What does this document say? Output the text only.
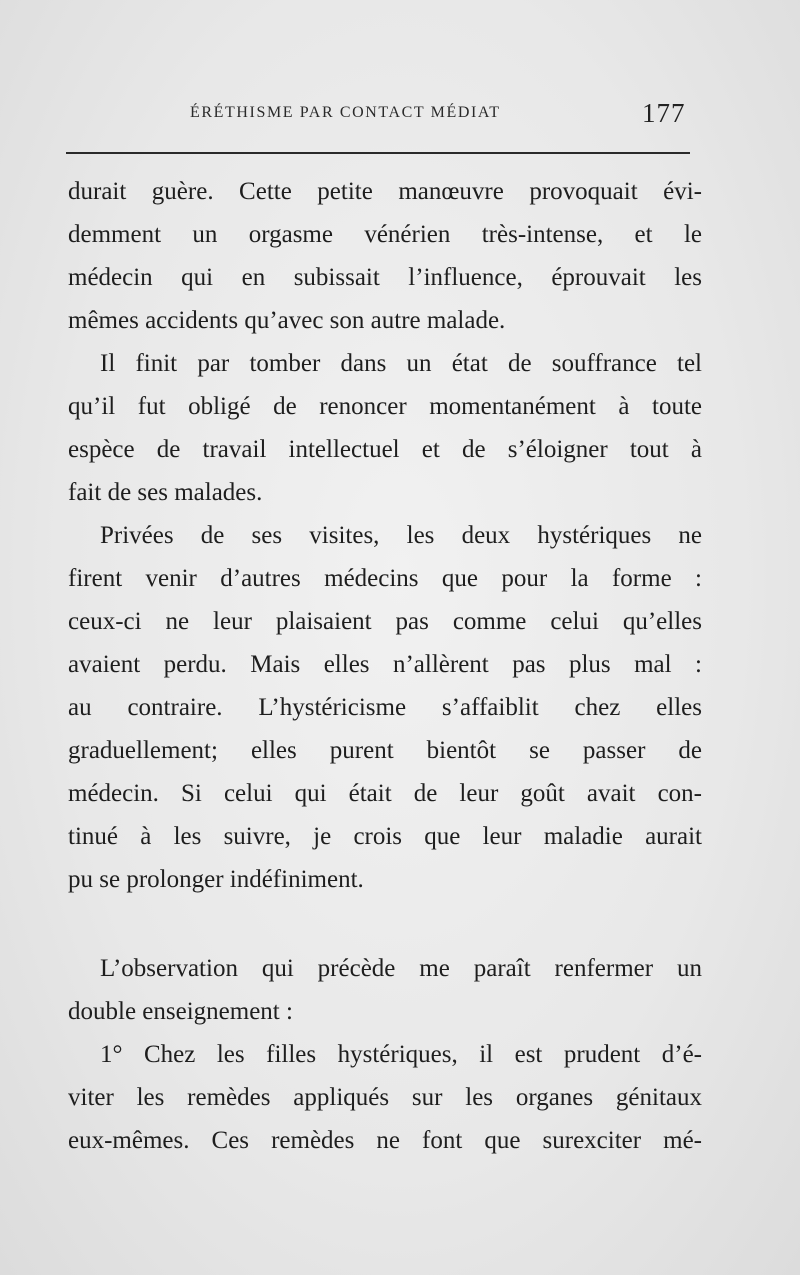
ÉRÉTHISME PAR CONTACT MÉDIAT	177
durait guère. Cette petite manœuvre provoquait évi-
demment un orgasme vénérien très-intense, et le
médecin qui en subissait l’influence, éprouvait les
mêmes accidents qu’avec son autre malade.
Il finit par tomber dans un état de souffrance tel
qu’il fut obligé de renoncer momentanément à toute
espèce de travail intellectuel et de s’éloigner tout à
fait de ses malades.
Privées de ses visites, les deux hystériques ne
firent venir d’autres médecins que pour la forme :
ceux-ci ne leur plaisaient pas comme celui qu’elles
avaient perdu. Mais elles n’allèrent pas plus mal :
au contraire. L’hystéricisme s’affaiblit chez elles
graduellement; elles purent bientôt se passer de
médecin. Si celui qui était de leur goût avait con-
tinué à les suivre, je crois que leur maladie aurait
pu se prolonger indéfiniment.
L’observation qui précède me paraît renfermer un
double enseignement :
1° Chez les filles hystériques, il est prudent d’é-
viter les remèdes appliqués sur les organes génitaux
eux-mêmes. Ces remèdes ne font que surexciter mé-
